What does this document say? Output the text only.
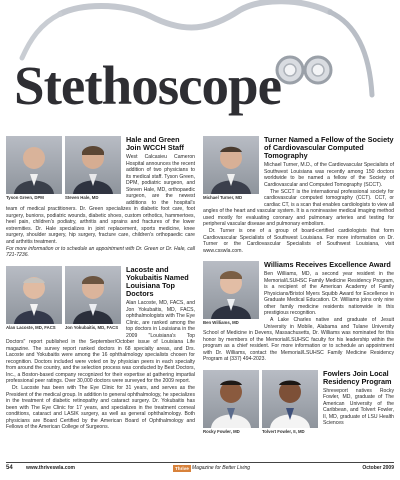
Stethoscope
Tyson Green, DPM	Steven Hale, MD
Hale and Green Join WCCH Staff

West Calcasieu Cameron Hospital announces the recent addition of two physicians to its medical staff. Tyson Green, DPM, podiatric surgeon, and Steven Hale, MD, orthopaedic surgeon, are the newest additions to the hospital's team of medical practitioners. Dr. Green specializes in diabetic foot care, foot surgery, bunions, podiatric wounds, diabetic shoes, custom orthotics, hammertoes, heel pain, children's podiatry, arthritis and sprains and fractures of the lower extremities. Dr. Hale specializes in joint replacement, sports medicine, knee surgery, shoulder surgery, hip surgery, fracture care, children's orthopaedic care and arthritis treatment.

For more information or to schedule an appointment with Dr. Green or Dr. Hale, call 721-7236.

Alan Lacoste, MD, FACS	Jon Yokubaitis, MD, FACS
Lacoste and Yokubaitis Named Louisiana Top Doctors

Alan Lacoste, MD, FACS, and Jon Yokubaitis, MD, FACS, ophthalmologists with The Eye Clinic, are ranked among the top doctors in Louisiana in the 2009 "Louisiana's Top Doctors" report published in the September/October issue of Louisiana Life magazine. The survey report ranked doctors in 68 specialty areas, and Drs. Lacoste and Yokubaitis were among the 16 ophthalmology specialists chosen for recognition. Doctors included were voted on by physician peers in each specialty from around the country, and the selection process was conducted by Best Doctors, Inc., a Boston-based company recognized for their expertise at gathering impartial professional peer ratings. Over 30,000 doctors were surveyed for the 2009 report.

Dr. Lacoste has been with The Eye Clinic for 31 years, and serves as the President of the medical group. In addition to general ophthalmology, he specializes in the treatment of diabetic retinopathy and cataract surgery. Dr. Yokubaitis has been with The Eye Clinic for 17 years, and specializes in the treatment corneal conditions, cataract and LASIK surgery, as well as general ophthalmology. Both physicians are Board Certified by the American Board of Ophthalmology and Fellows of the American College of Surgeons.

Michael Turner, MD
Turner Named a Fellow of the Society of Cardiovascular Computed Tomography

Michael Turner, M.D., of the Cardiovascular Specialists of Southwest Louisiana was recently among 150 doctors worldwide to be named a fellow of the Society of Cardiovascular and Computed Tomography (SCCT).

The SCCT is the international professional society for cardiovascular computed tomography (CCT). CCT, or cardiac CT, is a scan that enables cardiologists to view all angles of the heart and vascular system. It is a noninvasive medical imaging method used mostly for evaluating coronary and pulmonary arteries and testing for peripheral vascular disease and pulmonary embolism.

Dr. Turner is one of a group of board-certified cardiologists that form Cardiovascular Specialists of Southwest Louisiana. For more information on Dr. Turner or the Cardiovascular Specialists of Southwest Louisiana, visit www.csswla.com.

Ben Williams, MD
Williams Receives Excellence Award

Ben Williams, MD, a second year resident in the Memorial/LSUHSC Family Medicine Residency Program, is a recipient of the American Academy of Family Physicians/Bristol Myers Squibb Award for Excellence in Graduate Medical Education. Dr. Williams joins only nine other family medicine residents nationwide in this prestigious recognition.

A Lake Charles native and graduate of Jesuit University in Mobile, Alabama and Tulane University School of Medicine in Devens, Massachusetts, Dr. Williams was nominated for this honor by members of the Memorial/LSUHSC faculty for his leadership within the program as a chief resident. For more information or to schedule an appointment with Dr. Williams, contact the Memorial/LSUHSC Family Medicine Residency Program at (337) 494-2023.

Rocky Fowler, MD	Tolvert Fowler, II, MD
Fowlers Join Local Residency Program

Shreveport natives Rocky Fowler, MD, graduate of The American University of the Caribbean, and Tolvert Fowler, II, MD, graduate of LSU Health Sciences

54	www.thriveswla.com	Thrive Magazine for Better Living	October 2009
